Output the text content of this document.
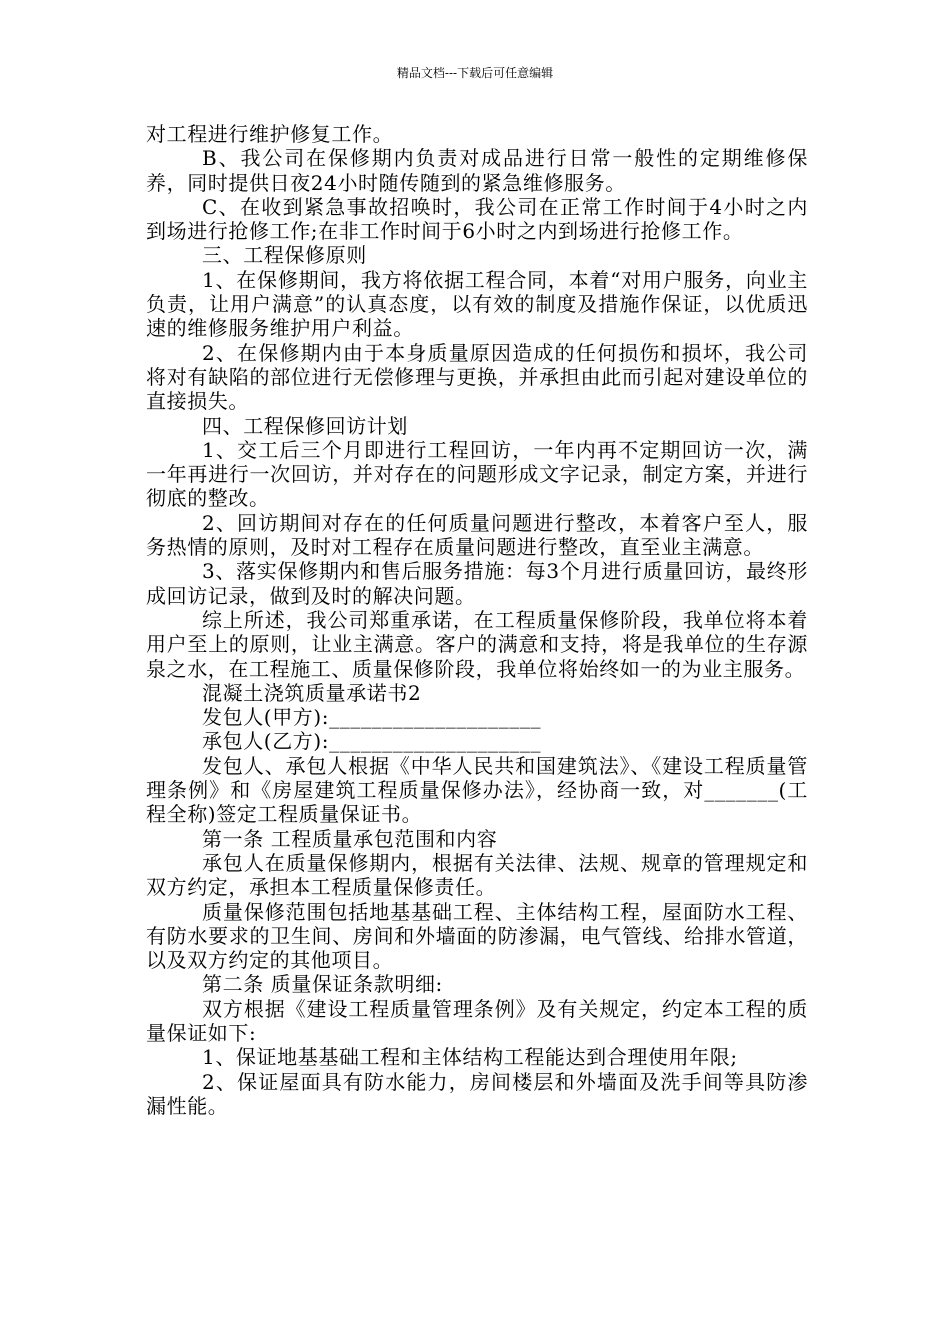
精品文档---下载后可任意编辑

对工程进行维护修复工作。

B、我公司在保修期内负责对成品进行日常一般性的定期维修保养，同时提供日夜24小时随传随到的紧急维修服务。

C、在收到紧急事故招唤时，我公司在正常工作时间于4小时之内到场进行抢修工作;在非工作时间于6小时之内到场进行抢修工作。

三、工程保修原则

1、在保修期间，我方将依据工程合同，本着“对用户服务，向业主负责，让用户满意”的认真态度，以有效的制度及措施作保证，以优质迅速的维修服务维护用户利益。

2、在保修期内由于本身质量原因造成的任何损伤和损坏，我公司将对有缺陷的部位进行无偿修理与更换，并承担由此而引起对建设单位的直接损失。

四、工程保修回访计划

1、交工后三个月即进行工程回访，一年内再不定期回访一次，满一年再进行一次回访，并对存在的问题形成文字记录，制定方案，并进行彻底的整改。

2、回访期间对存在的任何质量问题进行整改，本着客户至人，服务热情的原则，及时对工程存在质量问题进行整改，直至业主满意。

3、落实保修期内和售后服务措施：每3个月进行质量回访，最终形成回访记录，做到及时的解决问题。

综上所述，我公司郑重承诺，在工程质量保修阶段，我单位将本着用户至上的原则，让业主满意。客户的满意和支持，将是我单位的生存源泉之水，在工程施工、质量保修阶段，我单位将始终如一的为业主服务。

混凝土浇筑质量承诺书2

发包人(甲方):____________________

承包人(乙方):____________________

发包人、承包人根据《中华人民共和国建筑法》、《建设工程质量管理条例》和《房屋建筑工程质量保修办法》，经协商一致，对_______(工程全称)签定工程质量保证书。

第一条 工程质量承包范围和内容

承包人在质量保修期内，根据有关法律、法规、规章的管理规定和双方约定，承担本工程质量保修责任。

质量保修范围包括地基基础工程、主体结构工程，屋面防水工程、有防水要求的卫生间、房间和外墙面的防渗漏，电气管线、给排水管道，以及双方约定的其他项目。

第二条 质量保证条款明细:

双方根据《建设工程质量管理条例》及有关规定，约定本工程的质量保证如下:

1、保证地基基础工程和主体结构工程能达到合理使用年限;

2、保证屋面具有防水能力，房间楼层和外墙面及洗手间等具防渗漏性能。
